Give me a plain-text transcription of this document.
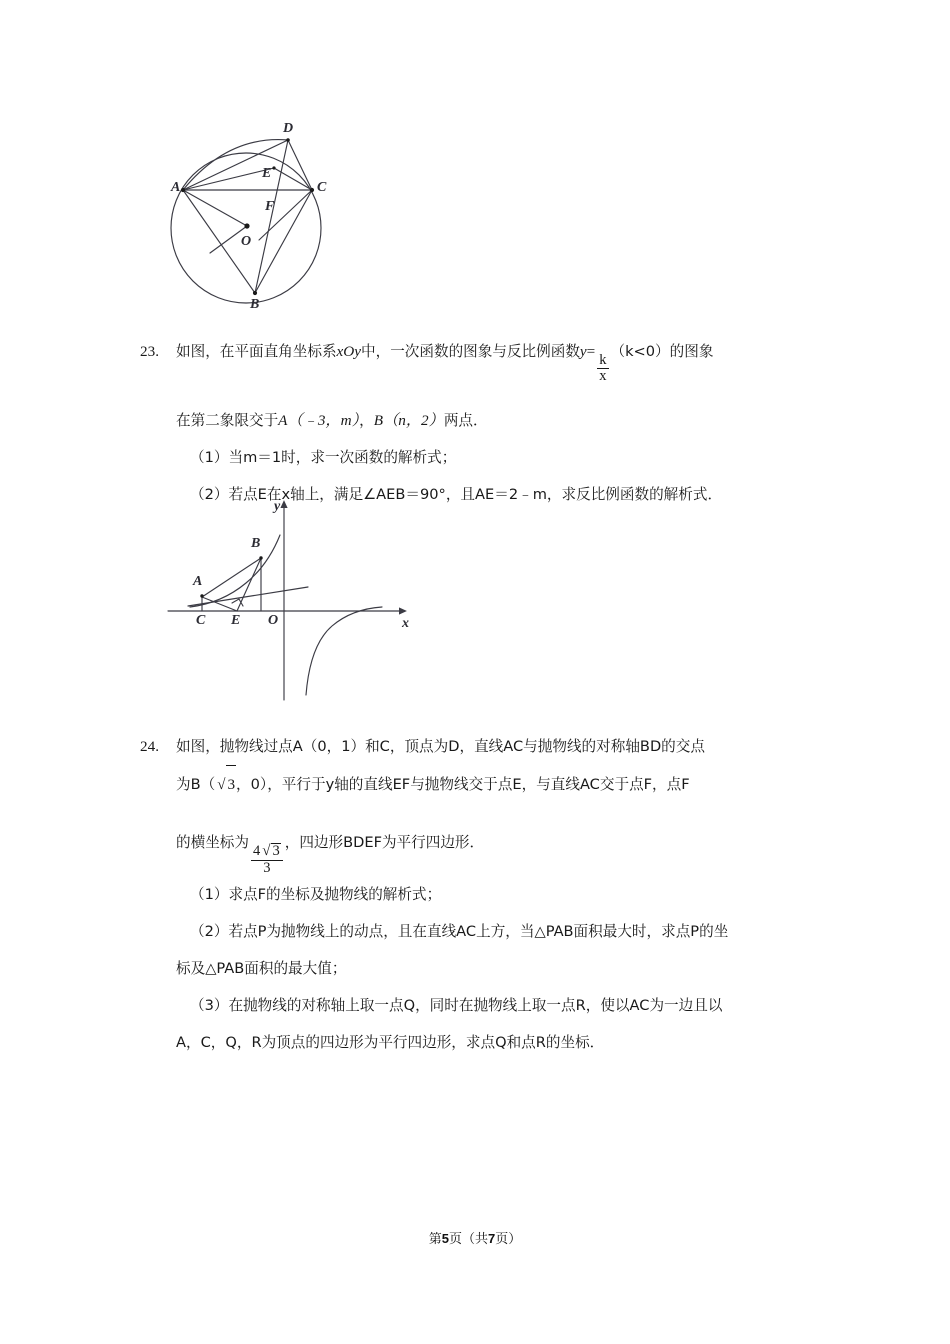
D
E
C
A
F
O
B
23. 如图，在平面直角坐标系xOy中，一次函数的图象与反比例函数y=
$\frac{k}{x}$
（k<0）的图象
在第二象限交于A（﹣3，m），B（n，2）两点．
（1）当m＝1时，求一次函数的解析式；
（2）若点E在x轴上，满足∠AEB＝90°，且AE＝2﹣m，求反比例函数的解析式．
B
A
C E O	x
y
24. 如图，抛物线过点A（0，1）和C，顶点为D，直线AC与抛物线的对称轴BD的交点
为B（ √ 3，0），平行于y轴的直线EF与抛物线交于点E，与直线AC交于点F，点F
的横坐标为
$\frac{4 √ 3}{3}$
，四边形BDEF为平行四边形．
（1）求点F的坐标及抛物线的解析式；
（2）若点P为抛物线上的动点，且在直线AC上方，当△PAB面积最大时，求点P的坐
标及△PAB面积的最大值；
（3）在抛物线的对称轴上取一点Q，同时在抛物线上取一点R，使以AC为一边且以
A，C，Q，R为顶点的四边形为平行四边形，求点Q和点R的坐标．
第5页（共7页）
